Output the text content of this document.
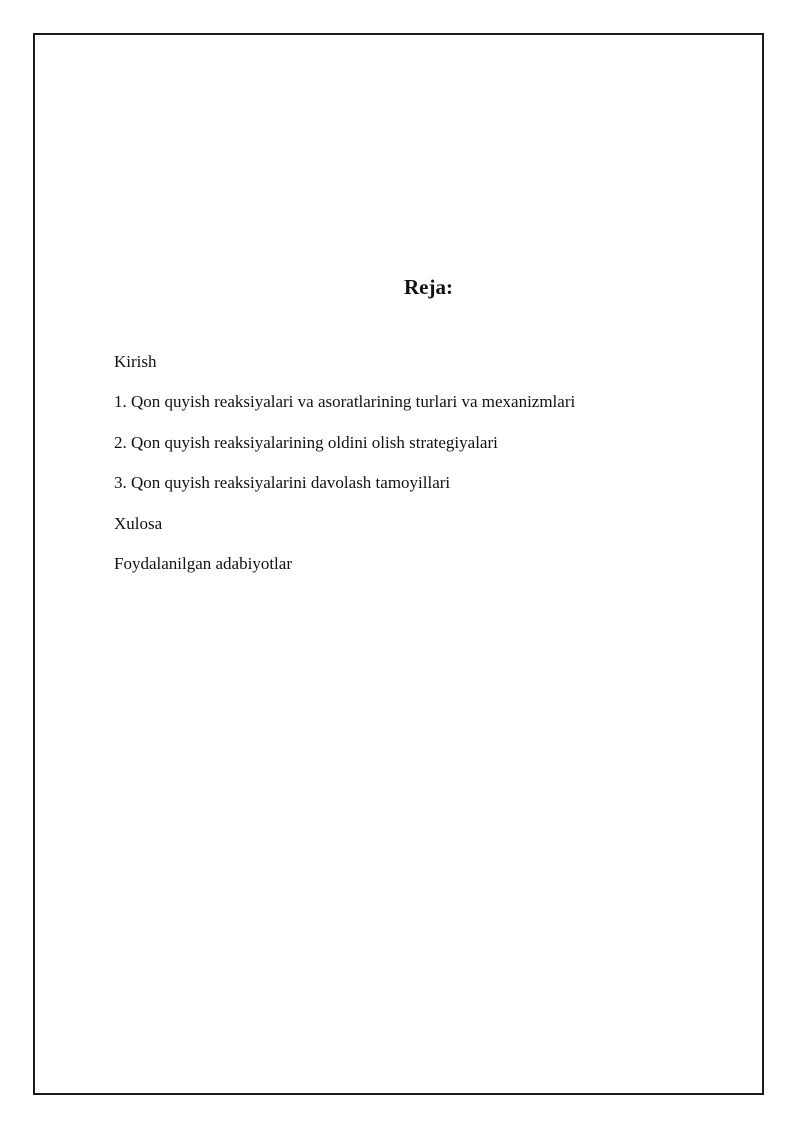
Reja:
Kirish
1. Qon quyish reaksiyalari va asoratlarining turlari va mexanizmlari
2. Qon quyish reaksiyalarining oldini olish strategiyalari
3. Qon quyish reaksiyalarini davolash tamoyillari
Xulosa
Foydalanilgan adabiyotlar
